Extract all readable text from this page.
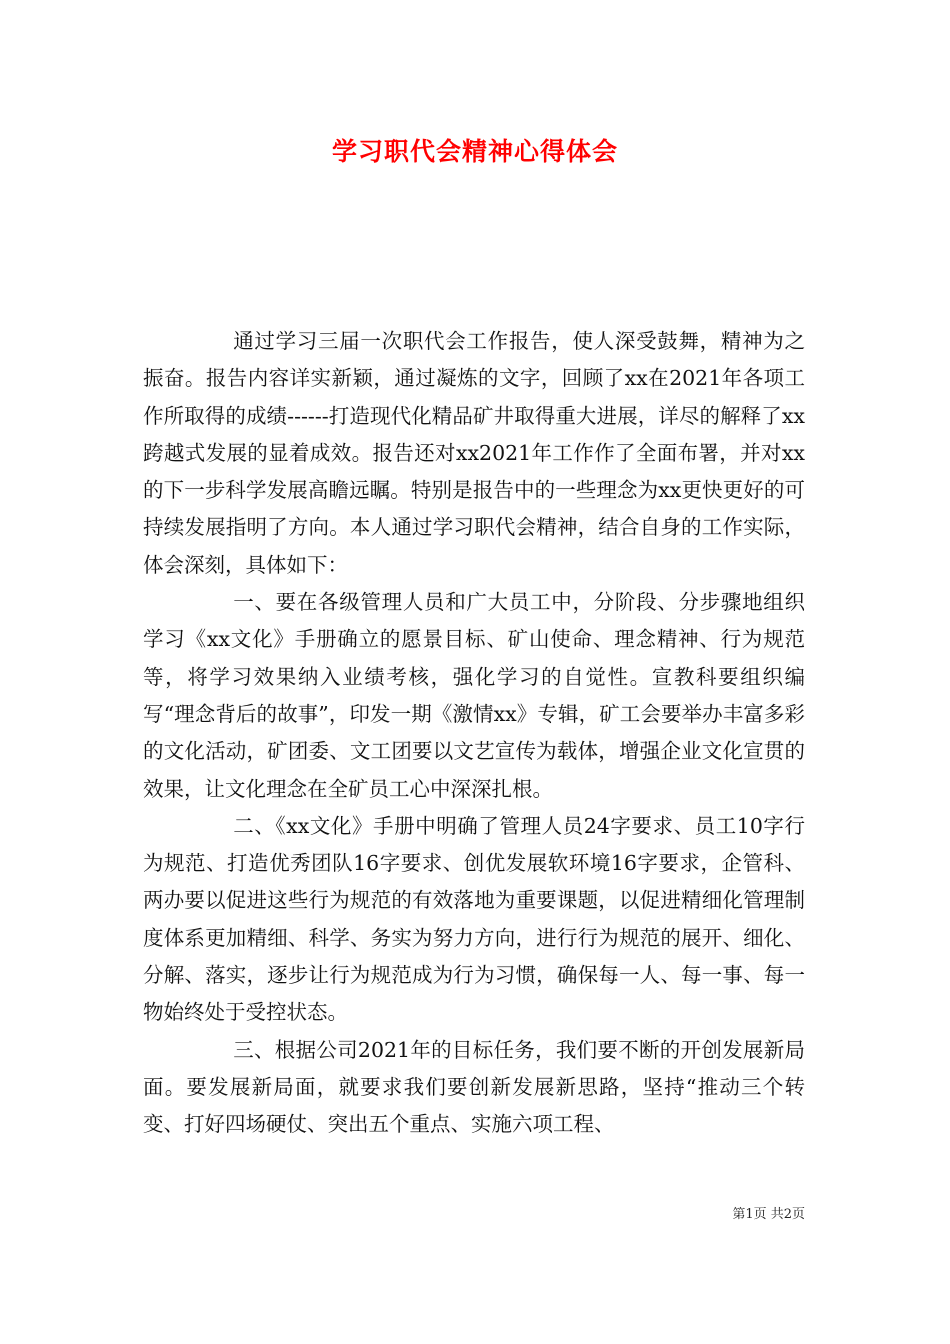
学习职代会精神心得体会

通过学习三届一次职代会工作报告，使人深受鼓舞，精神为之振奋。报告内容详实新颖，通过凝炼的文字，回顾了xx在2021年各项工作所取得的成绩------打造现代化精品矿井取得重大进展，详尽的解释了xx跨越式发展的显着成效。报告还对xx2021年工作作了全面布署，并对xx的下一步科学发展高瞻远瞩。特别是报告中的一些理念为xx更快更好的可持续发展指明了方向。本人通过学习职代会精神，结合自身的工作实际，体会深刻，具体如下：

一、要在各级管理人员和广大员工中，分阶段、分步骤地组织学习《xx文化》手册确立的愿景目标、矿山使命、理念精神、行为规范等，将学习效果纳入业绩考核，强化学习的自觉性。宣教科要组织编写“理念背后的故事”，印发一期《激情xx》专辑，矿工会要举办丰富多彩的文化活动，矿团委、文工团要以文艺宣传为载体，增强企业文化宣贯的效果，让文化理念在全矿员工心中深深扎根。

二、《xx文化》手册中明确了管理人员24字要求、员工10字行为规范、打造优秀团队16字要求、创优发展软环境16字要求，企管科、两办要以促进这些行为规范的有效落地为重要课题，以促进精细化管理制度体系更加精细、科学、务实为努力方向，进行行为规范的展开、细化、分解、落实，逐步让行为规范成为行为习惯，确保每一人、每一事、每一物始终处于受控状态。

三、根据公司2021年的目标任务，我们要不断的开创发展新局面。要发展新局面，就要求我们要创新发展新思路，坚持“推动三个转变、打好四场硬仗、突出五个重点、实施六项工程、

第1页 共2页
